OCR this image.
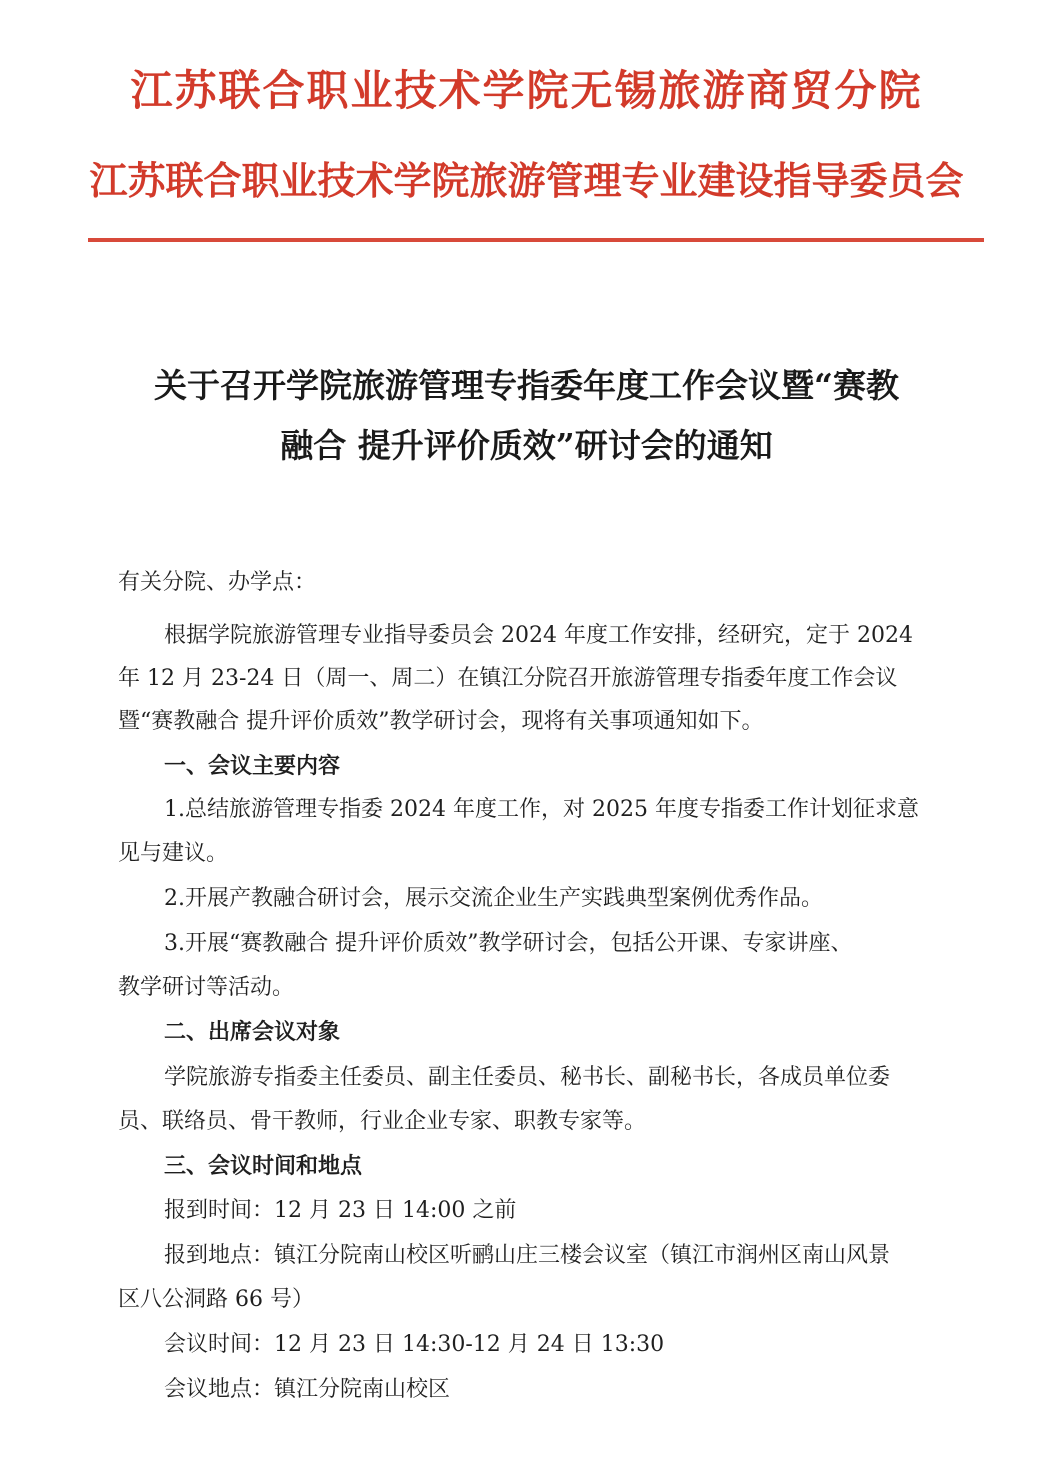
江苏联合职业技术学院无锡旅游商贸分院
江苏联合职业技术学院旅游管理专业建设指导委员会
关于召开学院旅游管理专指委年度工作会议暨“赛教
融合 提升评价质效”研讨会的通知
有关分院、办学点：
根据学院旅游管理专业指导委员会 2024 年度工作安排，经研究，定于 2024
年 12 月 23-24 日（周一、周二）在镇江分院召开旅游管理专指委年度工作会议
暨“赛教融合 提升评价质效”教学研讨会，现将有关事项通知如下。
一、会议主要内容
1.总结旅游管理专指委 2024 年度工作，对 2025 年度专指委工作计划征求意
见与建议。
2.开展产教融合研讨会，展示交流企业生产实践典型案例优秀作品。
3.开展“赛教融合 提升评价质效”教学研讨会，包括公开课、专家讲座、
教学研讨等活动。
二、出席会议对象
学院旅游专指委主任委员、副主任委员、秘书长、副秘书长，各成员单位委
员、联络员、骨干教师，行业企业专家、职教专家等。
三、会议时间和地点
报到时间：12 月 23 日 14:00 之前
报到地点：镇江分院南山校区听鹂山庄三楼会议室（镇江市润州区南山风景
区八公洞路 66 号）
会议时间：12 月 23 日 14:30-12 月 24 日 13:30
会议地点：镇江分院南山校区
